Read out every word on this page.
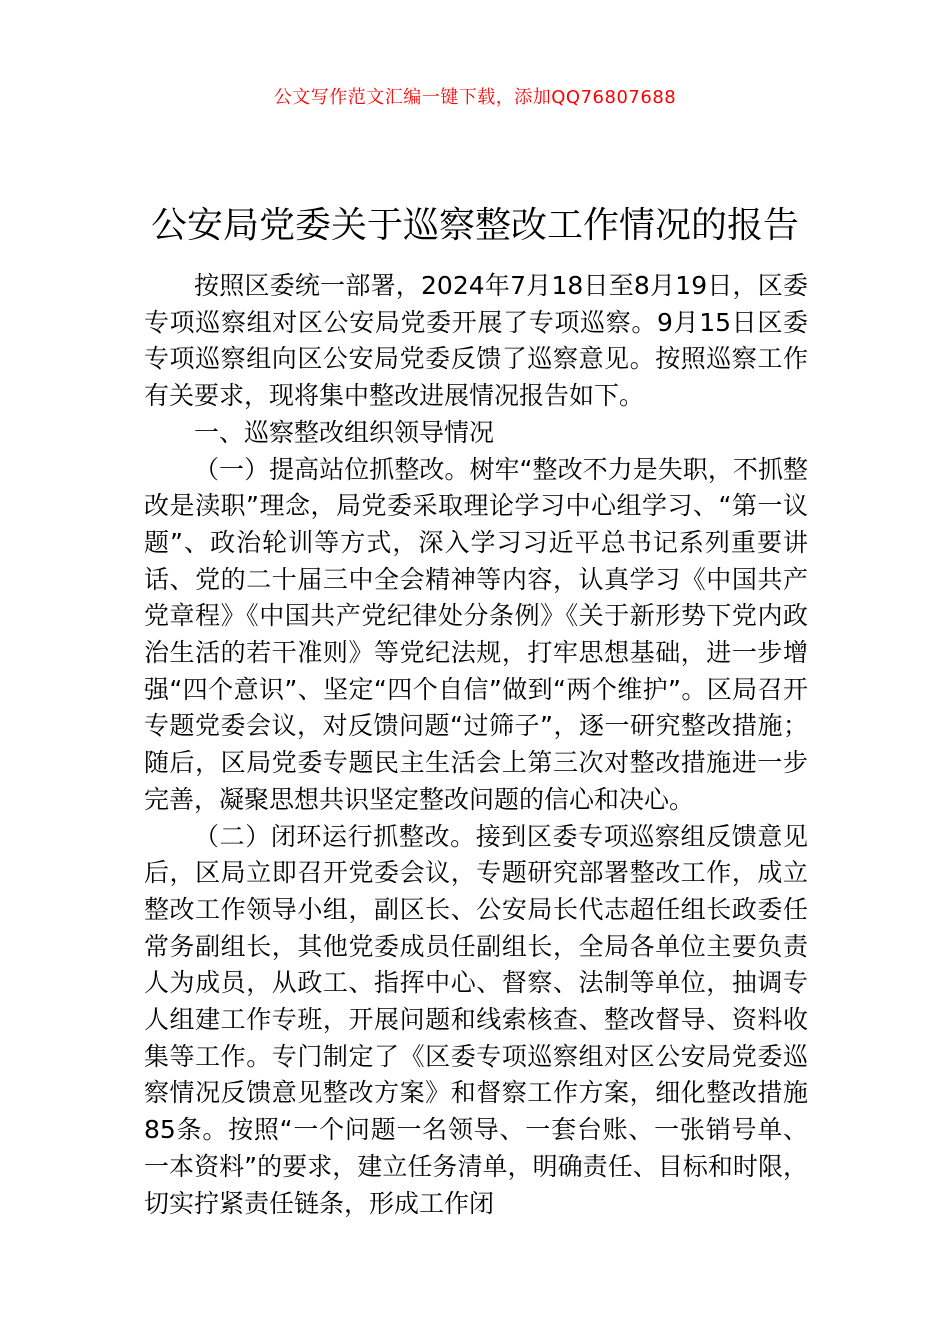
公文写作范文汇编一键下载，添加QQ76807688
公安局党委关于巡察整改工作情况的报告

按照区委统一部署，2024年7月18日至8月19日，区委专项巡察组对区公安局党委开展了专项巡察。9月15日区委专项巡察组向区公安局党委反馈了巡察意见。按照巡察工作有关要求，现将集中整改进展情况报告如下。

一、巡察整改组织领导情况

（一）提高站位抓整改。树牢“整改不力是失职，不抓整改是渎职”理念，局党委采取理论学习中心组学习、“第一议题”、政治轮训等方式，深入学习习近平总书记系列重要讲话、党的二十届三中全会精神等内容，认真学习《中国共产党章程》《中国共产党纪律处分条例》《关于新形势下党内政治生活的若干准则》等党纪法规，打牢思想基础，进一步增强“四个意识”、坚定“四个自信”做到“两个维护”。区局召开专题党委会议，对反馈问题“过筛子”，逐一研究整改措施；随后，区局党委专题民主生活会上第三次对整改措施进一步完善，凝聚思想共识坚定整改问题的信心和决心。

（二）闭环运行抓整改。接到区委专项巡察组反馈意见后，区局立即召开党委会议，专题研究部署整改工作，成立整改工作领导小组，副区长、公安局长代志超任组长政委任常务副组长，其他党委成员任副组长，全局各单位主要负责人为成员，从政工、指挥中心、督察、法制等单位，抽调专人组建工作专班，开展问题和线索核查、整改督导、资料收集等工作。专门制定了《区委专项巡察组对区公安局党委巡察情况反馈意见整改方案》和督察工作方案，细化整改措施85条。按照“一个问题一名领导、一套台账、一张销号单、一本资料”的要求，建立任务清单，明确责任、目标和时限，切实拧紧责任链条，形成工作闭
